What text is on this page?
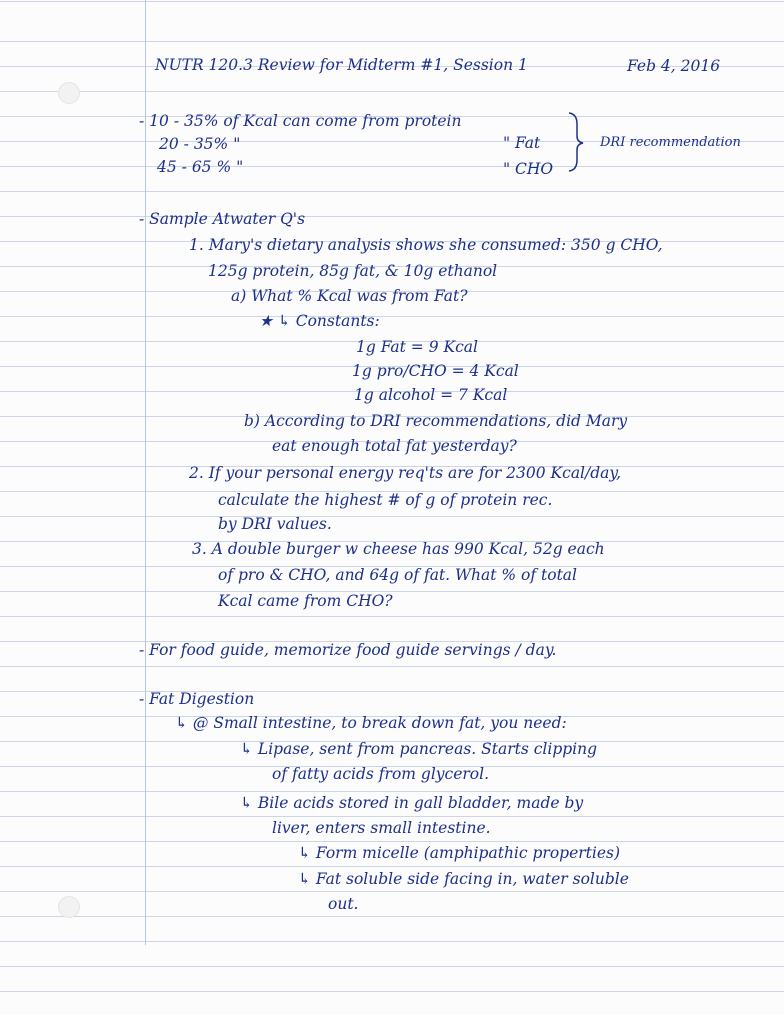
NUTR 120.3 Review for Midterm #1, Session 1	Feb 4, 2016
- 10 - 35% of Kcal can come from protein
20 - 35% "	" Fat
45 - 65 % "	" CHO
DRI recommendation
- Sample Atwater Q's
1. Mary's dietary analysis shows she consumed: 350 g CHO,
125g protein, 85g fat, & 10g ethanol
a) What % Kcal was from Fat?
★ ↳ Constants:
1g Fat = 9 Kcal
1g pro/CHO = 4 Kcal
1g alcohol = 7 Kcal
b) According to DRI recommendations, did Mary
eat enough total fat yesterday?
2. If your personal energy req'ts are for 2300 Kcal/day,
calculate the highest # of g of protein rec.
by DRI values.
3. A double burger w cheese has 990 Kcal, 52g each
of pro & CHO, and 64g of fat. What % of total
Kcal came from CHO?
- For food guide, memorize food guide servings / day.
- Fat Digestion
↳ @ Small intestine, to break down fat, you need:
↳ Lipase, sent from pancreas. Starts clipping
of fatty acids from glycerol.
↳ Bile acids stored in gall bladder, made by
liver, enters small intestine.
↳ Form micelle (amphipathic properties)
↳ Fat soluble side facing in, water soluble
out.
